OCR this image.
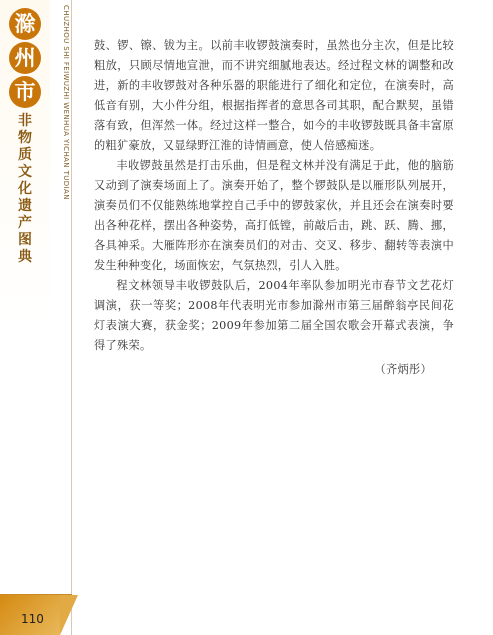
滁
州
市
非
物
质
文
化
遗
产
图
典
CHUZHOU SHI FEIWUZHI WENHUA YICHAN TUDIAN 鼓、锣、镲、钹为主。以前丰收锣鼓演奏时，虽然也分主次，但是比较粗放，只顾尽情地宣泄，而不讲究细腻地表达。经过程文林的调整和改进，新的丰收锣鼓对各种乐器的职能进行了细化和定位，在演奏时，高低音有别，大小件分组，根据指挥者的意思各司其职，配合默契，虽错落有致，但浑然一体。经过这样一整合，如今的丰收锣鼓既具备丰富原的粗犷豪放，又显绿野江淮的诗情画意，使人倍感痴迷。

丰收锣鼓虽然是打击乐曲，但是程文林并没有满足于此，他的脑筋又动到了演奏场面上了。演奏开始了，整个锣鼓队是以雁形队列展开，演奏员们不仅能熟练地掌控自己手中的锣鼓家伙，并且还会在演奏时要出各种花样，摆出各种姿势，高打低镗，前敲后击，跳、跃、腾、挪，各具神采。大雁阵形亦在演奏员们的对击、交叉、移步、翻转等表演中发生种种变化，场面恢宏，气氛热烈，引人入胜。

程文林领导丰收锣鼓队后，2004年率队参加明光市春节文艺花灯调演，获一等奖；2008年代表明光市参加滁州市第三届醉翁亭民间花灯表演大赛，获金奖；2009年参加第二届全国农歌会开幕式表演，争得了殊荣。

（齐炳彤）

110
